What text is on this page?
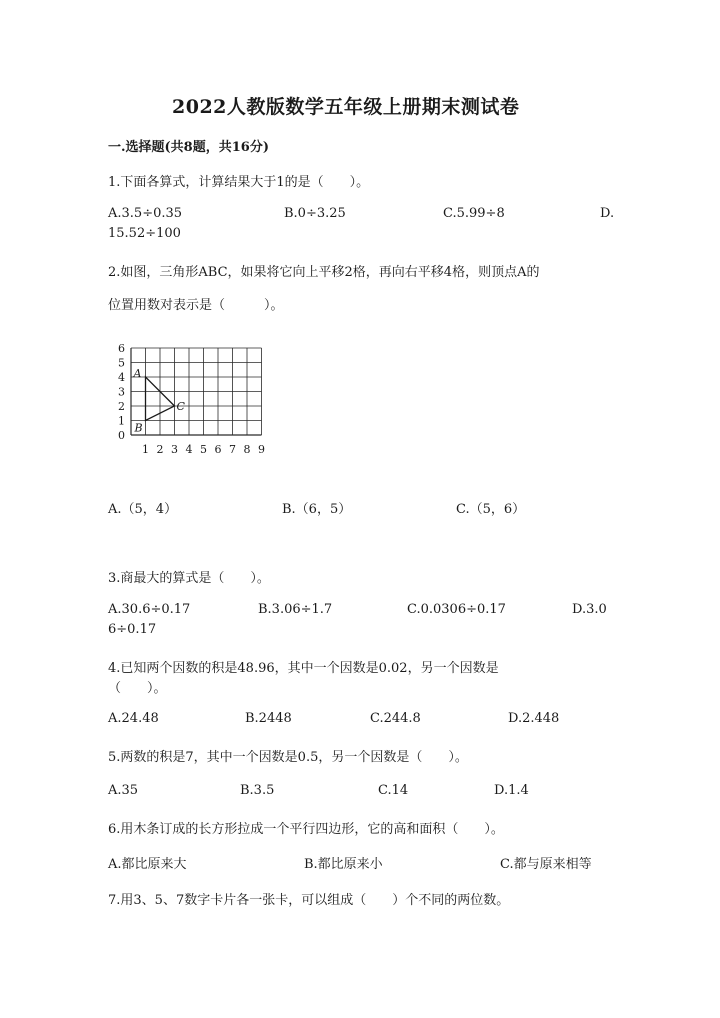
2022人教版数学五年级上册期末测试卷
一.选择题(共8题，共16分)
1.下面各算式，计算结果大于1的是（　　）。
A.3.5÷0.35	B.0÷3.25	C.5.99÷8	D.
15.52÷100
2.如图，三角形ABC，如果将它向上平移2格，再向右平移4格，则顶点A的
位置用数对表示是（　　　）。
0
1
2
3
4
5
6
1 2 3 4 5 6 7 8 9
A
B
C
A.（5，4）	B.（6，5）	C.（5，6）
3.商最大的算式是（　　）。
A.30.6÷0.17	B.3.06÷1.7	C.0.0306÷0.17	D.3.0
6÷0.17
4.已知两个因数的积是48.96，其中一个因数是0.02，另一个因数是
（　　）。
A.24.48	B.2448	C.244.8	D.2.448
5.两数的积是7，其中一个因数是0.5，另一个因数是（　　）。
A.35	B.3.5	C.14	D.1.4
6.用木条订成的长方形拉成一个平行四边形，它的高和面积（　　）。
A.都比原来大	B.都比原来小	C.都与原来相等
7.用3、5、7数字卡片各一张卡，可以组成（　　）个不同的两位数。
